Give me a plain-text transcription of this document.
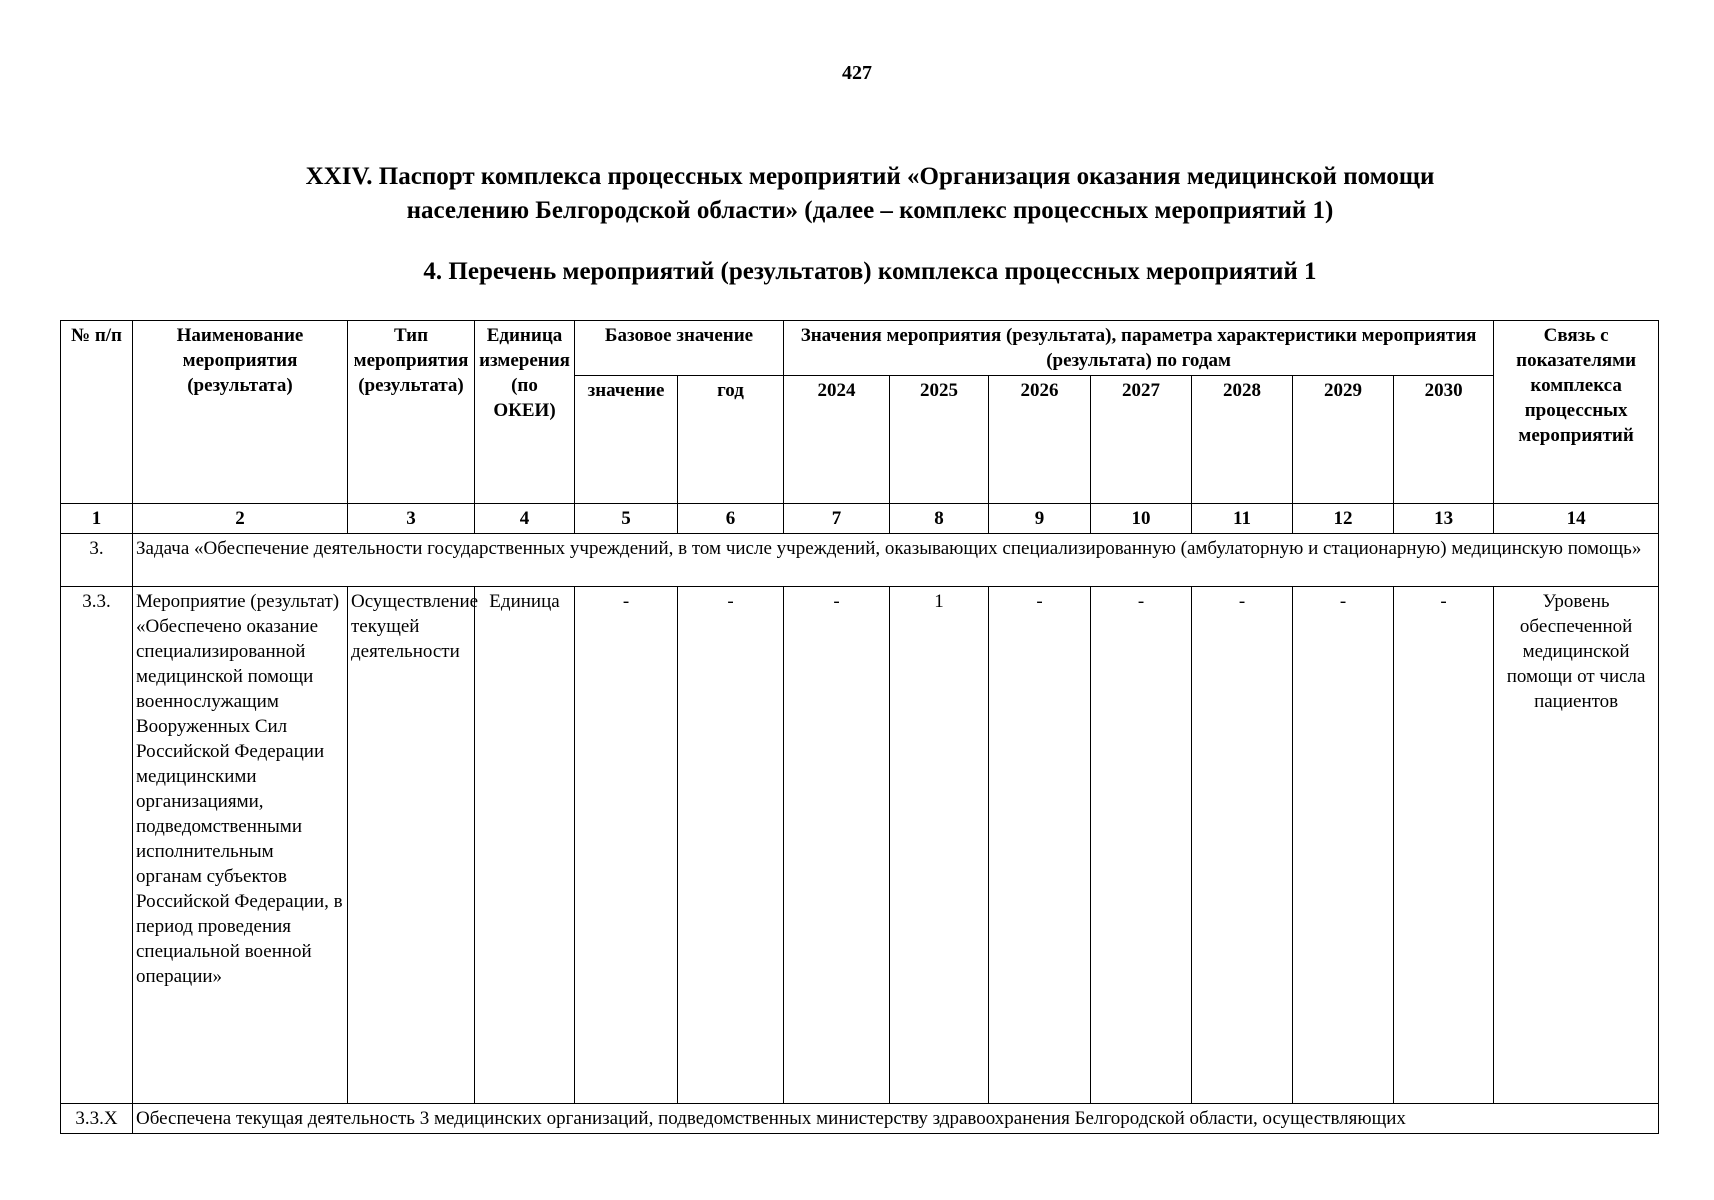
427
XXIV. Паспорт комплекса процессных мероприятий «Организация оказания медицинской помощи
населению Белгородской области» (далее – комплекс процессных мероприятий 1)
4. Перечень мероприятий (результатов) комплекса процессных мероприятий 1
№ п/п	Наименование мероприятия (результата)	Тип мероприятия (результата)	Единица измерения (по ОКЕИ)	Базовое значение		Значения мероприятия (результата), параметра характеристики мероприятия (результата) по годам							Связь с показателями комплекса процессных мероприятий
				значение	год	2024	2025	2026	2027	2028	2029	2030	
1	2	3	4	5	6	7	8	9	10	11	12	13	14
3.	Задача «Обеспечение деятельности государственных учреждений, в том числе учреждений, оказывающих специализированную (амбулаторную и стационарную) медицинскую помощь»												
3.3.	Мероприятие (результат) «Обеспечено оказание специализированной медицинской помощи военнослужащим Вооруженных Сил Российской Федерации медицинскими организациями, подведомственными исполнительным органам субъектов Российской Федерации, в период проведения специальной военной операции»	Осуществление текущей деятельности	Единица	-	-	-	1	-	-	-	-	-	Уровень обеспеченной медицинской помощи от числа пациентов
3.3.Х	Обеспечена текущая деятельность 3 медицинских организаций, подведомственных министерству здравоохранения Белгородской области, осуществляющих												
